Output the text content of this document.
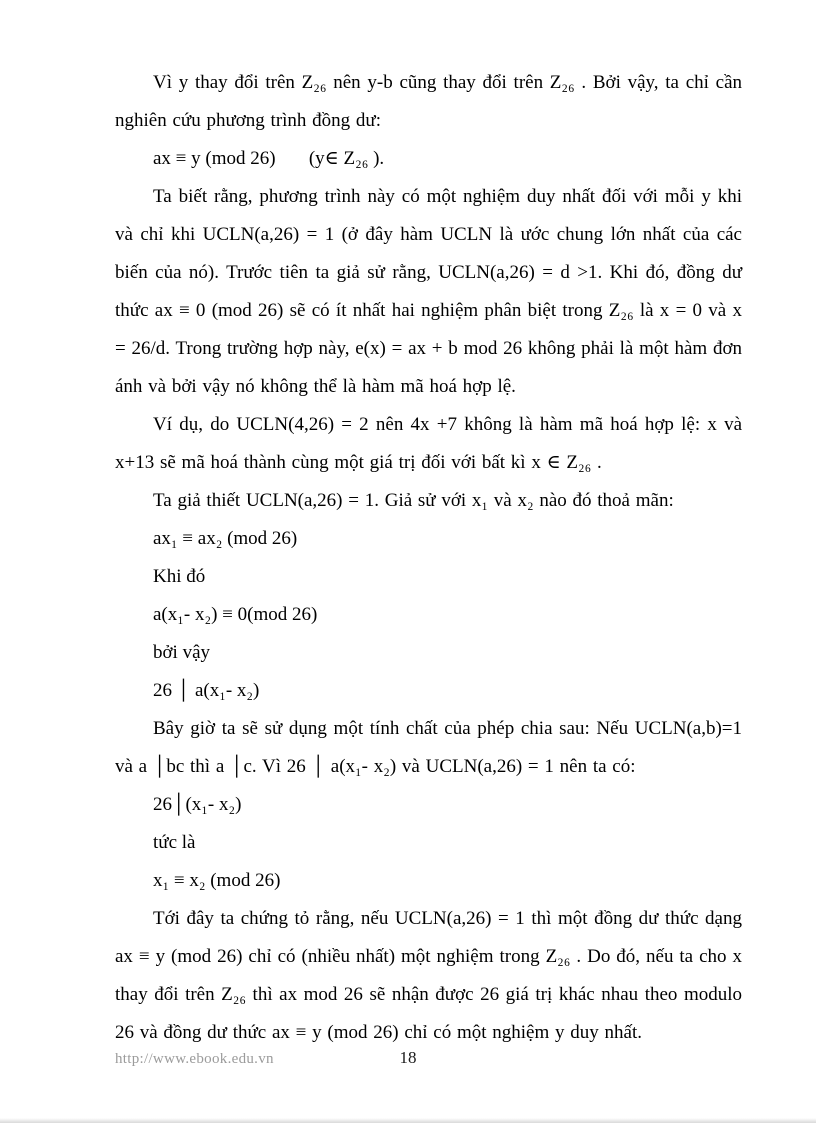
Vì y thay đổi trên Z₂₆ nên y-b cũng thay đổi trên Z₂₆ . Bởi vậy, ta chỉ cần nghiên cứu phương trình đồng dư:

ax ≡ y (mod 26)       (y∈ Z₂₆ ).

Ta biết rằng, phương trình này có một nghiệm duy nhất đối với mỗi y khi và chỉ khi UCLN(a,26) = 1 (ở đây hàm UCLN là ước chung lớn nhất của các biến của nó). Trước tiên ta giả sử rằng, UCLN(a,26) = d >1. Khi đó, đồng dư thức ax ≡ 0 (mod 26) sẽ có ít nhất hai nghiệm phân biệt trong Z₂₆ là x = 0 và x = 26/d. Trong trường hợp này, e(x) = ax + b mod 26 không phải là một hàm đơn ánh và bởi vậy nó không thể là hàm mã hoá hợp lệ.

Ví dụ, do UCLN(4,26) = 2 nên 4x +7 không là hàm mã hoá hợp lệ: x và x+13 sẽ mã hoá thành cùng một giá trị đối với bất kì x ∈ Z₂₆ .

Ta giả thiết UCLN(a,26) = 1. Giả sử với x₁ và x₂ nào đó thoả mãn:

ax₁ ≡ ax₂ (mod 26)

Khi đó

a(x₁- x₂) ≡ 0(mod 26)

bởi vậy

26 │ a(x₁- x₂)

Bây giờ ta sẽ sử dụng một tính chất của phép chia sau: Nếu UCLN(a,b)=1 và a │bc thì a │c. Vì 26 │ a(x₁- x₂) và UCLN(a,26) = 1 nên ta có:

26│(x₁- x₂)

tức là

x₁ ≡ x₂ (mod 26)

Tới đây ta chứng tỏ rằng, nếu UCLN(a,26) = 1 thì một đồng dư thức dạng ax ≡ y (mod 26) chỉ có (nhiều nhất) một nghiệm trong Z₂₆ . Do đó, nếu ta cho x thay đổi trên Z₂₆ thì ax mod 26 sẽ nhận được 26 giá trị khác nhau theo modulo 26 và đồng dư thức ax ≡ y (mod 26) chỉ có một nghiệm y duy nhất.

http://www.ebook.edu.vn	18
